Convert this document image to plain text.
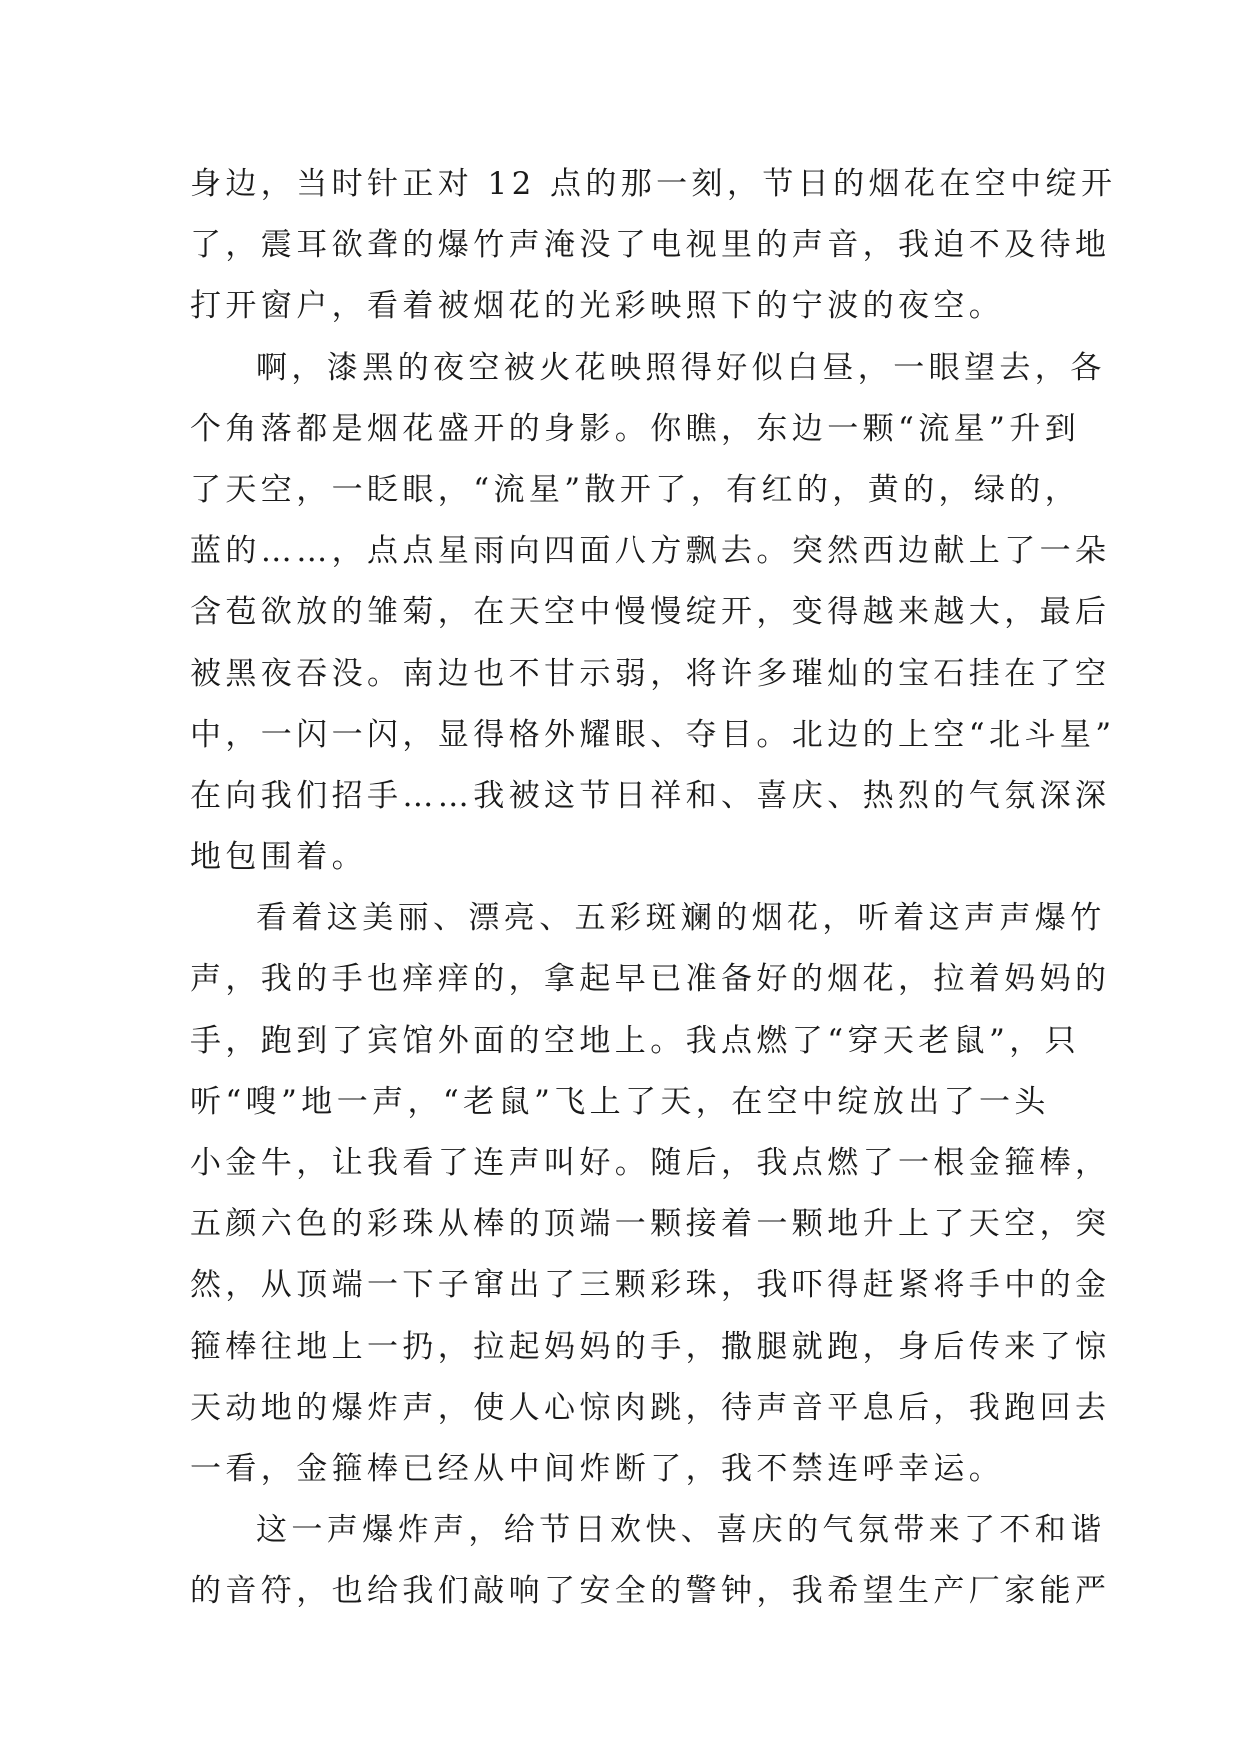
身边，当时针正对 12 点的那一刻，节日的烟花在空中绽开
了，震耳欲聋的爆竹声淹没了电视里的声音，我迫不及待地
打开窗户，看着被烟花的光彩映照下的宁波的夜空。
啊，漆黑的夜空被火花映照得好似白昼，一眼望去，各
个角落都是烟花盛开的身影。你瞧，东边一颗“流星”升到
了天空，一眨眼，“流星”散开了，有红的，黄的，绿的，
蓝的……，点点星雨向四面八方飘去。突然西边献上了一朵
含苞欲放的雏菊，在天空中慢慢绽开，变得越来越大，最后
被黑夜吞没。南边也不甘示弱，将许多璀灿的宝石挂在了空
中，一闪一闪，显得格外耀眼、夺目。北边的上空“北斗星”
在向我们招手……我被这节日祥和、喜庆、热烈的气氛深深
地包围着。
看着这美丽、漂亮、五彩斑斓的烟花，听着这声声爆竹
声，我的手也痒痒的，拿起早已准备好的烟花，拉着妈妈的
手，跑到了宾馆外面的空地上。我点燃了“穿天老鼠”，只
听“嗖”地一声，“老鼠”飞上了天，在空中绽放出了一头
小金牛，让我看了连声叫好。随后，我点燃了一根金箍棒，
五颜六色的彩珠从棒的顶端一颗接着一颗地升上了天空，突
然，从顶端一下子窜出了三颗彩珠，我吓得赶紧将手中的金
箍棒往地上一扔，拉起妈妈的手，撒腿就跑，身后传来了惊
天动地的爆炸声，使人心惊肉跳，待声音平息后，我跑回去
一看，金箍棒已经从中间炸断了，我不禁连呼幸运。
这一声爆炸声，给节日欢快、喜庆的气氛带来了不和谐
的音符，也给我们敲响了安全的警钟，我希望生产厂家能严
